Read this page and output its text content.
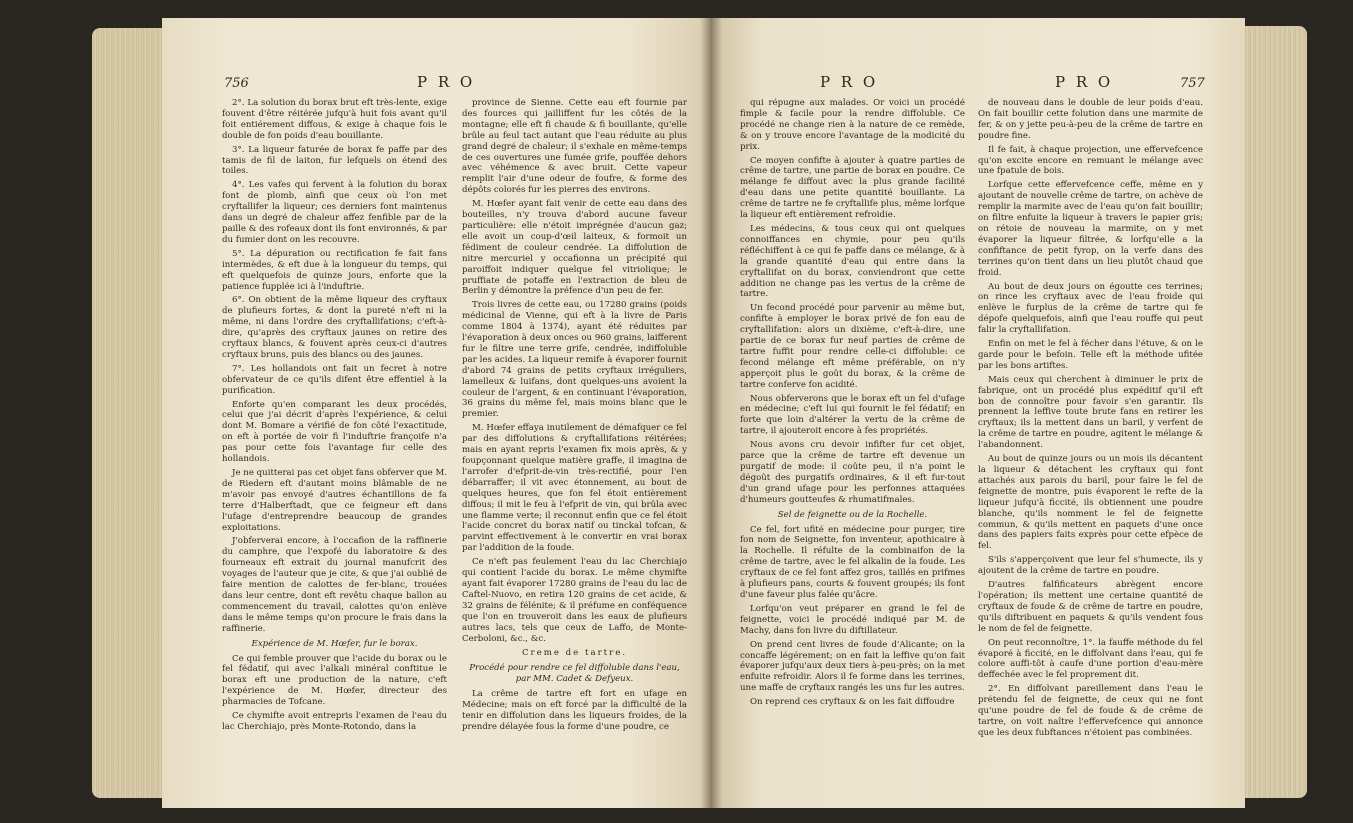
756	P R O

2°. La solution du borax brut eft très-lente, exige fouvent d'être réitérée jufqu'à huit fois avant qu'il foit entiérement diffous, & exige à chaque fois le double de fon poids d'eau bouillante.

3°. La liqueur faturée de borax fe paffe par des tamis de fil de laiton, fur lefquels on étend des toiles.

4°. Les vafes qui fervent à la folution du borax font de plomb, ainfi que ceux où l'on met cryftallifer la liqueur; ces derniers font maintenus dans un degré de chaleur affez fenfible par de la paille & des rofeaux dont ils font environnés, & par du fumier dont on les recouvre.

5°. La dépuration ou rectification fe fait fans intermèdes, & eft due à la longueur du temps, qui eft quelquefois de quinze jours, enforte que la patience fupplée ici à l'induftrie.

6°. On obtient de la même liqueur des cryftaux de plufieurs fortes, & dont la pureté n'eft ni la même, ni dans l'ordre des cryftallifations; c'eft-à-dire, qu'après des cryftaux jaunes on retire des cryftaux blancs, & fouvent après ceux-ci d'autres cryftaux bruns, puis des blancs ou des jaunes.

7°. Les hollandois ont fait un fecret à notre obfervateur de ce qu'ils difent être effentiel à la purification.

Enforte qu'en comparant les deux procédés, celui que j'ai décrit d'après l'expérience, & celui dont M. Bomare a vérifié de fon côté l'exactitude, on eft à portée de voir fi l'induftrie françoife n'a pas pour cette fois l'avantage fur celle des hollandois.

Je ne quitterai pas cet objet fans obferver que M. de Riedern eft d'autant moins blâmable de ne m'avoir pas envoyé d'autres échantillons de fa terre d'Halberftadt, que ce feigneur eft dans l'ufage d'entreprendre beaucoup de grandes exploitations.

J'obferverai encore, à l'occafion de la raffinerie du camphre, que l'expofé du laboratoire & des fourneaux eft extrait du journal manufcrit des voyages de l'auteur que je cite, & que j'ai oublié de faire mention de calottes de fer-blanc, trouées dans leur centre, dont eft revêtu chaque ballon au commencement du travail, calottes qu'on enlève dans le même temps qu'on procure le frais dans la raffinerie.

Expérience de M. Hœfer, fur le borax.

Ce qui femble prouver que l'acide du borax ou le fel fédatif, qui avec l'alkali minéral conftitue le borax eft une production de la nature, c'eft l'expérience de M. Hœfer, directeur des pharmacies de Tofcane.

Ce chymifte avoit entrepris l'examen de l'eau du lac Cherchiajo, près Monte-Rotondo, dans la

province de Sienne. Cette eau eft fournie par des fources qui jailliffent fur les côtés de la montagne; elle eft fi chaude & fi bouillante, qu'elle brûle au feul tact autant que l'eau réduite au plus grand degré de chaleur; il s'exhale en même-temps de ces ouvertures une fumée grife, pouffée dehors avec véhémence & avec bruit. Cette vapeur remplit l'air d'une odeur de foufre, & forme des dépôts colorés fur les pierres des environs.

M. Hœfer ayant fait venir de cette eau dans des bouteilles, n'y trouva d'abord aucune faveur particulière: elle n'étoit imprégnée d'aucun gaz; elle avoit un coup-d'œil laiteux, & formoit un fédiment de couleur cendrée. La diffolution de nitre mercuriel y occafionna un précipité qui paroiffoit indiquer quelque fel vitriolique; le pruffiate de potaffe en l'extraction de bleu de Berlin y démontre la préfence d'un peu de fer.

Trois livres de cette eau, ou 17280 grains (poids médicinal de Vienne, qui eft à la livre de Paris comme 1804 à 1374), ayant été réduites par l'évaporation à deux onces ou 960 grains, laifferent fur le filtre une terre grife, cendrée, indiffoluble par les acides. La liqueur remife à évaporer fournit d'abord 74 grains de petits cryftaux irréguliers, lamelleux & luifans, dont quelques-uns avoient la couleur de l'argent, & en continuant l'évaporation, 36 grains du même fel, mais moins blanc que le premier.

M. Hœfer effaya inutilement de démafquer ce fel par des diffolutions & cryftallifations réitérées; mais en ayant repris l'examen fix mois après, & y foupçonnant quelque matière graffe, il imagina de l'arrofer d'efprit-de-vin très-rectifié, pour l'en débarraffer; il vit avec étonnement, au bout de quelques heures, que fon fel étoit entièrement diffous; il mit le feu à l'efprit de vin, qui brûla avec une flamme verte; il reconnut enfin que ce fel étoit l'acide concret du borax natif ou tinckal tofcan, & parvint effectivement à le convertir en vrai borax par l'addition de la foude.

Ce n'eft pas feulement l'eau du lac Cherchiajo qui contient l'acide du borax. Le même chymifte ayant fait évaporer 17280 grains de l'eau du lac de Caftel-Nuovo, en retira 120 grains de cet acide, & 32 grains de félénite; & il préfume en conféquence que l'on en trouveroit dans les eaux de plufieurs autres lacs, tels que ceux de Laffo, de Monte-Cerboloni, &c., &c.

Creme de tartre.

Procédé pour rendre ce fel diffoluble dans l'eau, par MM. Cadet & Defyeux.

La crême de tartre eft fort en ufage en Médecine; mais on eft forcé par la difficulté de la tenir en diffolution dans les liqueurs froides, de la prendre délayée fous la forme d'une poudre, ce

P R O	P R O	757

qui répugne aux malades. Or voici un procédé fimple & facile pour la rendre diffoluble. Ce procédé ne change rien à la nature de ce remède, & on y trouve encore l'avantage de la modicité du prix.

Ce moyen confifte à ajouter à quatre parties de crême de tartre, une partie de borax en poudre. Ce mélange fe diffout avec la plus grande facilité d'eau dans une petite quantité bouillante. La crême de tartre ne fe cryftallife plus, même lorfque la liqueur eft entièrement refroidie.

Les médecins, & tous ceux qui ont quelques connoiffances en chymie, pour peu qu'ils réfléchiffent à ce qui fe paffe dans ce mélange, & à la grande quantité d'eau qui entre dans la cryftallifat on du borax, conviendront que cette addition ne change pas les vertus de la crême de tartre.

Un fecond procédé pour parvenir au même but, confifte à employer le borax privé de fon eau de cryftallifation: alors un dixième, c'eft-à-dire, une partie de ce borax fur neuf parties de crême de tartre fuffit pour rendre celle-ci diffoluble: ce fecond mélange eft même préférable, on n'y apperçoit plus le goût du borax, & la crême de tartre conferve fon acidité.

Nous obferverons que le borax eft un fel d'ufage en médecine; c'eft lui qui fournit le fel fédatif; en forte que loin d'altérer la vertu de la crême de tartre, il ajouteroit encore à fes propriétés.

Nous avons cru devoir infifter fur cet objet, parce que la crême de tartre eft devenue un purgatif de mode: il coûte peu, il n'a point le dégoût des purgatifs ordinaires, & il eft fur-tout d'un grand ufage pour les perfonnes attaquées d'humeurs goutteufes & rhumatifmales.

Sel de feignette ou de la Rochelle.

Ce fel, fort ufité en médecine pour purger, tire fon nom de Seignette, fon inventeur, apothicaire à la Rochelle. Il réfulte de la combinaifon de la crême de tartre, avec le fel alkalin de la foude. Les cryftaux de ce fel font affez gros, taillés en prifmes à plufieurs pans, courts & fouvent groupés; ils font d'une faveur plus falée qu'âcre.

Lorfqu'on veut préparer en grand le fel de feignette, voici le procédé indiqué par M. de Machy, dans fon livre du diftillateur.

On prend cent livres de foude d'Alicante; on la concaffe légérement; on en fait la leffive qu'on fait évaporer jufqu'aux deux tiers à-peu-près; on la met enfuite refroidir. Alors il fe forme dans les terrines, une maffe de cryftaux rangés les uns fur les autres.

On reprend ces cryftaux & on les fait diffoudre

de nouveau dans le double de leur poids d'eau. On fait bouillir cette folution dans une marmite de fer, & on y jette peu-à-peu de la crême de tartre en poudre fine.

Il fe fait, à chaque projection, une effervefcence qu'on excite encore en remuant le mélange avec une fpatule de bois.

Lorfque cette effervefcence ceffe, même en y ajoutant de nouvelle crême de tartre, on achève de remplir la marmite avec de l'eau qu'on fait bouillir; on filtre enfuite la liqueur à travers le papier gris; on rétoie de nouveau la marmite, on y met évaporer la liqueur filtrée, & lorfqu'elle a la confiftance de petit fyrop, on la verfe dans des terrines qu'on tient dans un lieu plutôt chaud que froid.

Au bout de deux jours on égoutte ces terrines; on rince les cryftaux avec de l'eau froide qui enlève le furplus de la crême de tartre qui fe dépofe quelquefois, ainfi que l'eau rouffe qui peut falir la cryftallifation.

Enfin on met le fel à fécher dans l'étuve, & on le garde pour le befoin. Telle eft la méthode ufitée par les bons artiftes.

Mais ceux qui cherchent à diminuer le prix de fabrique, ont un procédé plus expéditif qu'il eft bon de connoître pour favoir s'en garantir. Ils prennent la leffive toute brute fans en retirer les cryftaux; ils la mettent dans un baril, y verfent de la crême de tartre en poudre, agitent le mélange & l'abandonnent.

Au bout de quinze jours ou un mois ils décantent la liqueur & détachent les cryftaux qui font attachés aux parois du baril, pour faire le fel de feignette de montre, puis évaporent le refte de la liqueur jufqu'à ficcité, ils obtiennent une poudre blanche, qu'ils nomment le fel de feignette commun, & qu'ils mettent en paquets d'une once dans des papiers faits exprès pour cette efpèce de fel.

S'ils s'apperçoivent que leur fel s'humecte, ils y ajoutent de la crême de tartre en poudre.

D'autres falfificateurs abrègent encore l'opération; ils mettent une certaine quantité de cryftaux de foude & de crême de tartre en poudre, qu'ils diftribuent en paquets & qu'ils vendent fous le nom de fel de feignette.

On peut reconnoître, 1°. la fauffe méthode du fel évaporé à ficcité, en le diffolvant dans l'eau, qui fe colore auffi-tôt à caufe d'une portion d'eau-mère deffechée avec le fel proprement dit.

2°. En diffolvant pareillement dans l'eau le prétendu fel de feignette, de ceux qui ne font qu'une poudre de fel de foude & de crême de tartre, on voit naître l'effervefcence qui annonce que les deux fubftances n'étoient pas combinées.
